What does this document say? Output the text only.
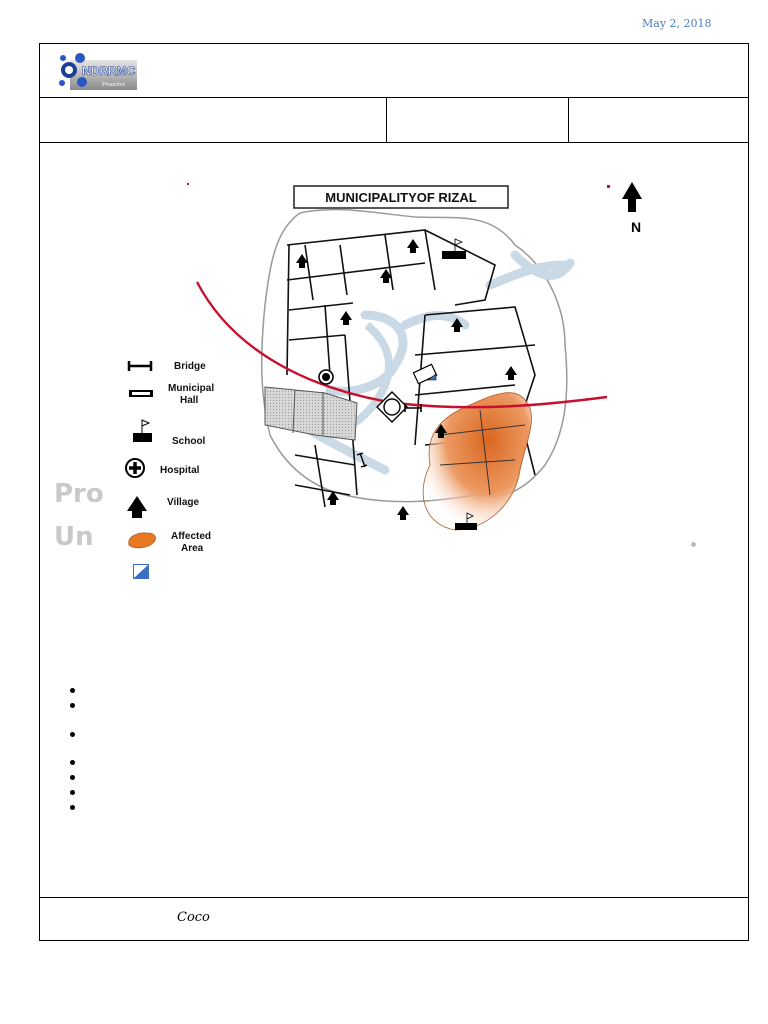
May 2, 2018
NDRRMC
Proactive
Pro
Un
Coco
MUNICIPALITYOF RIZAL
N
Bridge
Municipal Hall
School
Hospital
Village
Affected
Area
